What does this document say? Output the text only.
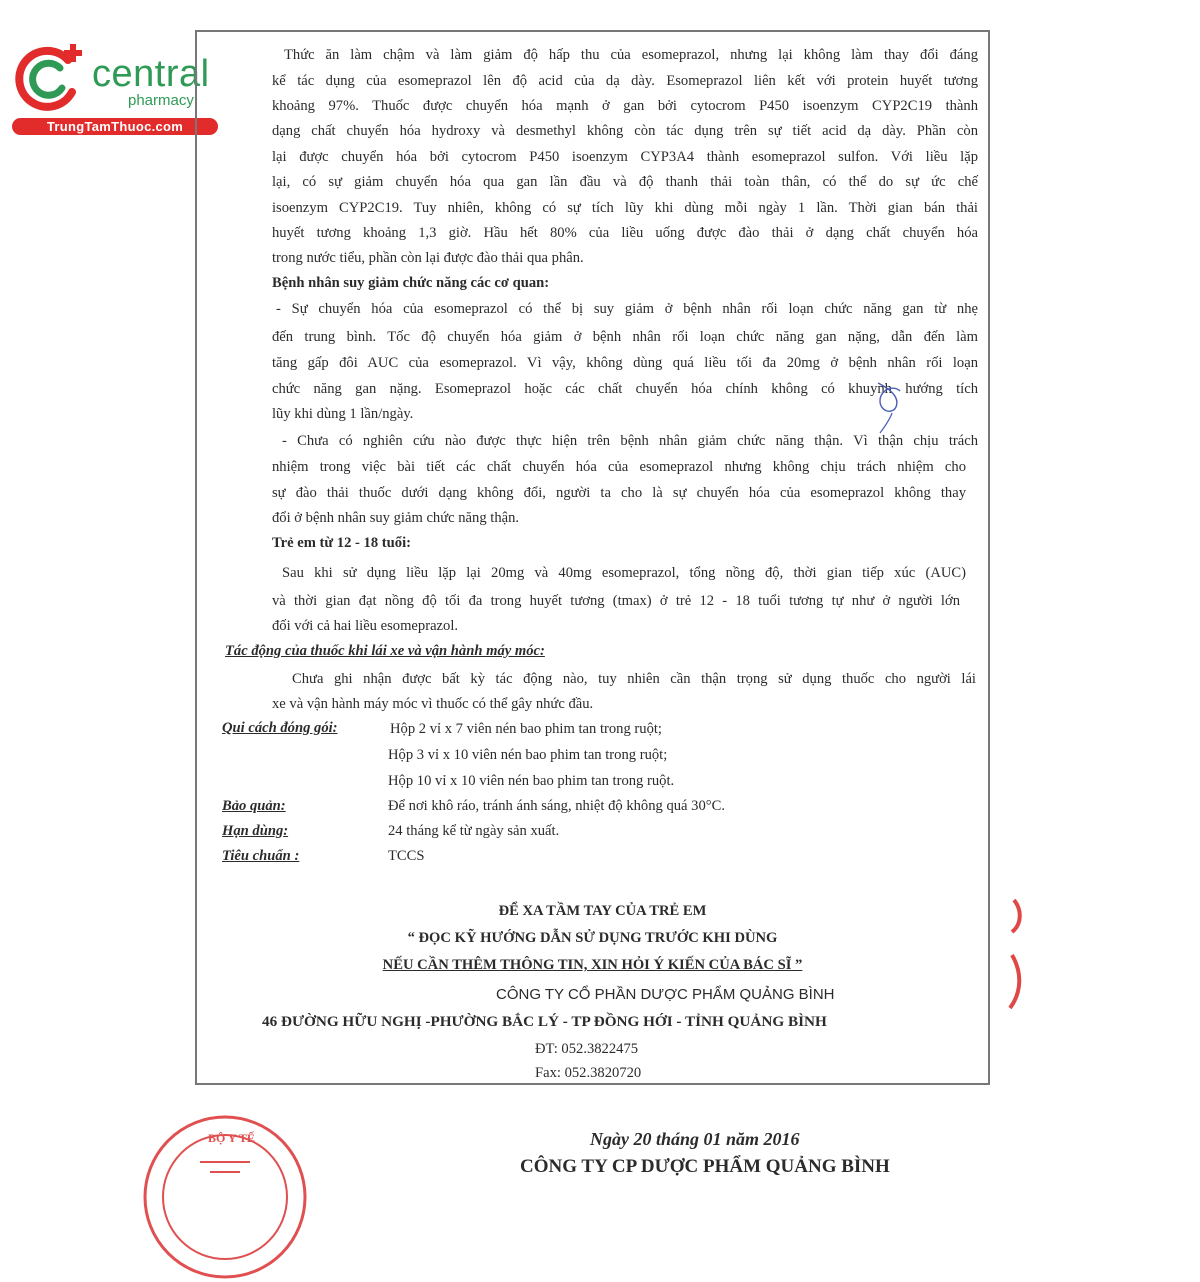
central
pharmacy
TrungTamThuoc.com
Thức ăn làm chậm và làm giảm độ hấp thu của esomeprazol, nhưng lại không làm thay đổi đáng
kể tác dụng của esomeprazol lên độ acid của dạ dày. Esomeprazol liên kết với protein huyết tương
khoảng 97%. Thuốc được chuyển hóa mạnh ở gan bởi cytocrom P450 isoenzym CYP2C19 thành
dạng chất chuyển hóa hydroxy và desmethyl không còn tác dụng trên sự tiết acid dạ dày. Phần còn
lại được chuyển hóa bởi cytocrom P450 isoenzym CYP3A4 thành esomeprazol sulfon. Với liều lặp
lại, có sự giảm chuyển hóa qua gan lần đầu và độ thanh thải toàn thân, có thể do sự ức chế
isoenzym CYP2C19. Tuy nhiên, không có sự tích lũy khi dùng mỗi ngày 1 lần. Thời gian bán thải
huyết tương khoảng 1,3 giờ. Hầu hết 80% của liều uống được đào thải ở dạng chất chuyển hóa
trong nước tiểu, phần còn lại được đào thải qua phân.
Bệnh nhân suy giảm chức năng các cơ quan:
- Sự chuyển hóa của esomeprazol có thể bị suy giảm ở bệnh nhân rối loạn chức năng gan từ nhẹ
đến trung bình. Tốc độ chuyển hóa giảm ở bệnh nhân rối loạn chức năng gan nặng, dẫn đến làm
tăng gấp đôi AUC của esomeprazol. Vì vậy, không dùng quá liều tối đa 20mg ở bệnh nhân rối loạn
chức năng gan nặng. Esomeprazol hoặc các chất chuyển hóa chính không có khuynh hướng tích
lũy khi dùng 1 lần/ngày.
- Chưa có nghiên cứu nào được thực hiện trên bệnh nhân giảm chức năng thận. Vì thận chịu trách
nhiệm trong việc bài tiết các chất chuyển hóa của esomeprazol nhưng không chịu trách nhiệm cho
sự đào thải thuốc dưới dạng không đổi, người ta cho là sự chuyển hóa của esomeprazol không thay
đổi ở bệnh nhân suy giảm chức năng thận.
Trẻ em từ 12 - 18 tuổi:
Sau khi sử dụng liều lặp lại 20mg và 40mg esomeprazol, tổng nồng độ, thời gian tiếp xúc (AUC)
và thời gian đạt nồng độ tối đa trong huyết tương (tmax) ở trẻ 12 - 18 tuổi tương tự như ở người lớn
đối với cả hai liều esomeprazol.
Tác động của thuốc khi lái xe và vận hành máy móc:
Chưa ghi nhận được bất kỳ tác động nào, tuy nhiên cần thận trọng sử dụng thuốc cho người lái
xe và vận hành máy móc vì thuốc có thể gây nhức đầu.
Qui cách đóng gói:	Hộp 2 vỉ x 7 viên nén bao phim tan trong ruột;
Hộp 3 vỉ x 10 viên nén bao phim tan trong ruột;
Hộp 10 vỉ x 10 viên nén bao phim tan trong ruột.
Bảo quản:	Để nơi khô ráo, tránh ánh sáng, nhiệt độ không quá 30°C.
Hạn dùng:	24 tháng kể từ ngày sản xuất.
Tiêu chuẩn :	TCCS
ĐỂ XA TẦM TAY CỦA TRẺ EM
“ ĐỌC KỸ HƯỚNG DẪN SỬ DỤNG TRƯỚC KHI DÙNG
NẾU CẦN THÊM THÔNG TIN, XIN HỎI Ý KIẾN CỦA BÁC SĨ ”
CÔNG TY CỔ PHẦN DƯỢC PHẨM QUẢNG BÌNH
46 ĐƯỜNG HỮU NGHỊ -PHƯỜNG BẮC LÝ - TP ĐỒNG HỚI - TỈNH QUẢNG BÌNH
ĐT: 052.3822475
Fax: 052.3820720
BỘ Y TẾ	Ngày 20 tháng 01 năm 2016
CÔNG TY CP DƯỢC PHẨM QUẢNG BÌNH
